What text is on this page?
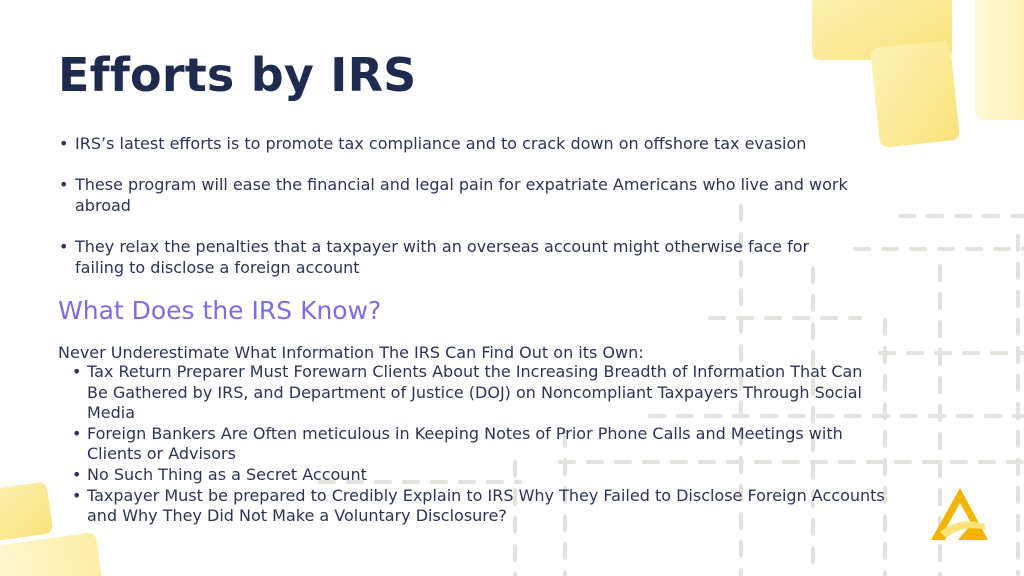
Efforts by IRS
• IRS’s latest efforts is to promote tax compliance and to crack down on offshore tax evasion
• These program will ease the financial and legal pain for expatriate Americans who live and work abroad
• They relax the penalties that a taxpayer with an overseas account might otherwise face for failing to disclose a foreign account
What Does the IRS Know?

Never Underestimate What Information The IRS Can Find Out on its Own:

• Tax Return Preparer Must Forewarn Clients About the Increasing Breadth of Information That Can Be Gathered by IRS, and Department of Justice (DOJ) on Noncompliant Taxpayers Through Social Media
• Foreign Bankers Are Often meticulous in Keeping Notes of Prior Phone Calls and Meetings with Clients or Advisors
• No Such Thing as a Secret Account
• Taxpayer Must be prepared to Credibly Explain to IRS Why They Failed to Disclose Foreign Accounts and Why They Did Not Make a Voluntary Disclosure?
